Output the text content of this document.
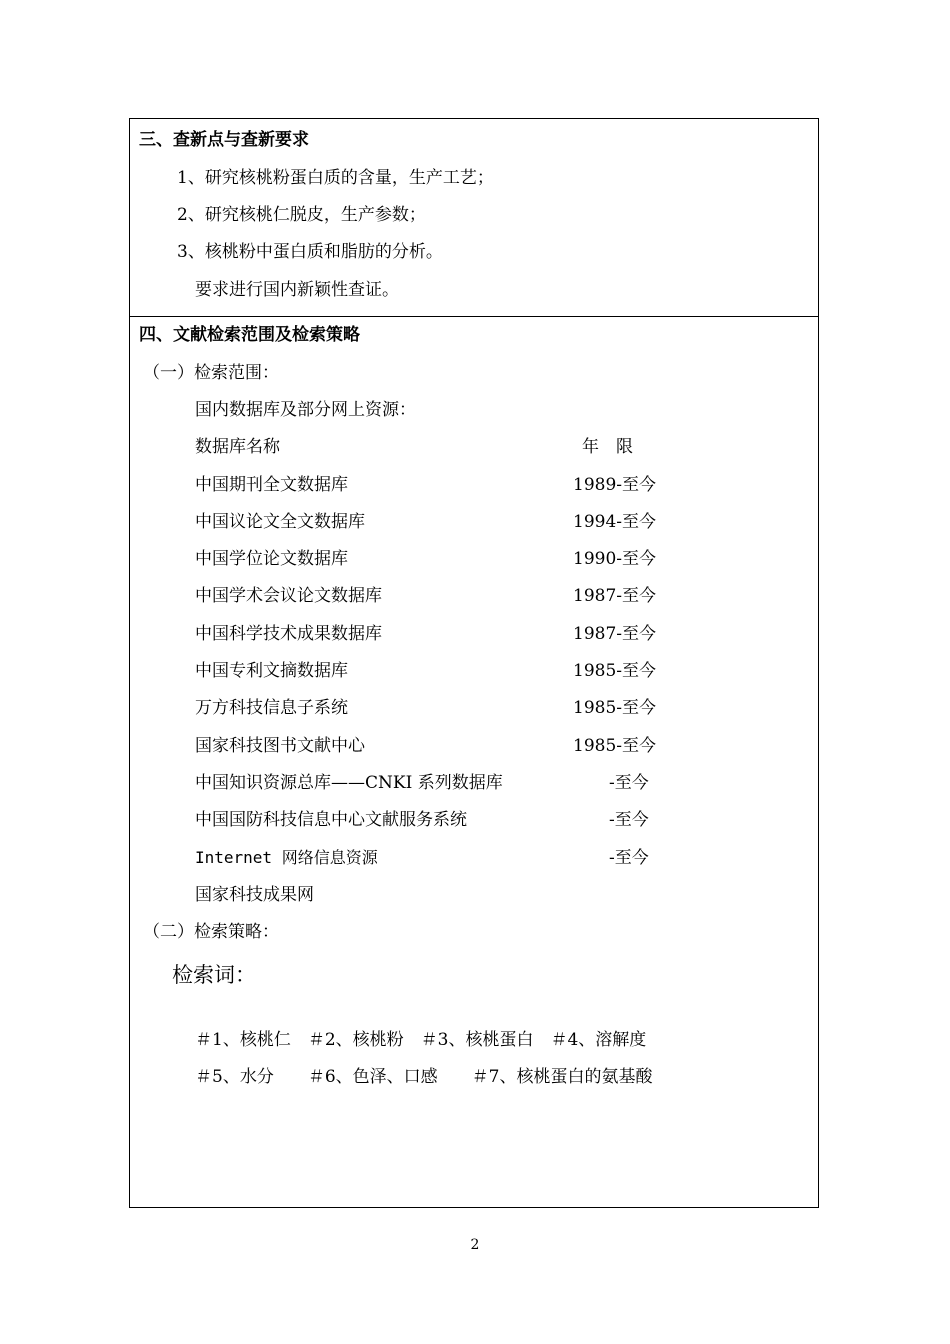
三、查新点与查新要求
1、研究核桃粉蛋白质的含量，生产工艺；
2、研究核桃仁脱皮，生产参数；
3、核桃粉中蛋白质和脂肪的分析。
要求进行国内新颖性查证。
四、文献检索范围及检索策略
（一）检索范围：
国内数据库及部分网上资源：
数据库名称	年　限
中国期刊全文数据库	1989-至今
中国议论文全文数据库	1994-至今
中国学位论文数据库	1990-至今
中国学术会议论文数据库	1987-至今
中国科学技术成果数据库	1987-至今
中国专利文摘数据库	1985-至今
万方科技信息子系统	1985-至今
国家科技图书文献中心	1985-至今
中国知识资源总库——CNKI 系列数据库	-至今
中国国防科技信息中心文献服务系统	-至今
Internet 网络信息资源	-至今
国家科技成果网
（二）检索策略：
检索词：
＃1、核桃仁　＃2、核桃粉　＃3、核桃蛋白　＃4、溶解度
＃5、水分　　＃6、色泽、口感　　＃7、核桃蛋白的氨基酸
2
